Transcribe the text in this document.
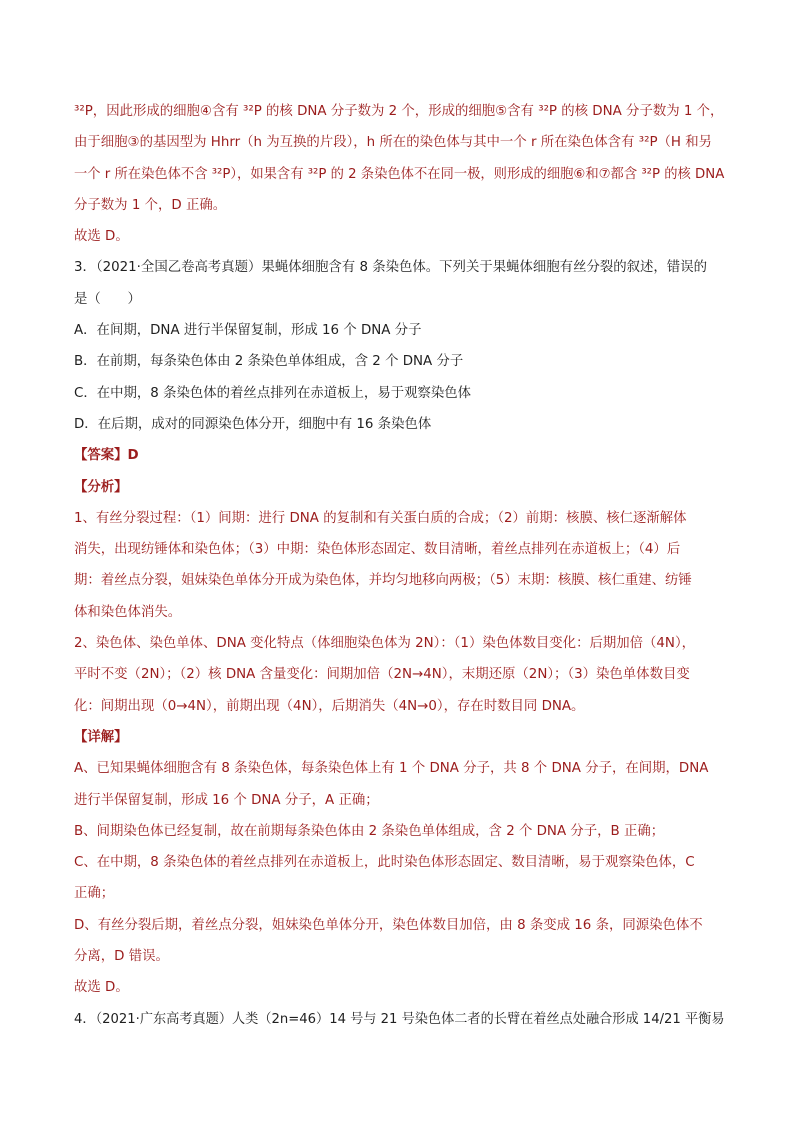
³²P，因此形成的细胞④含有 ³²P 的核 DNA 分子数为 2 个，形成的细胞⑤含有 ³²P 的核 DNA 分子数为 1 个，
由于细胞③的基因型为 Hhrr（h 为互换的片段），h 所在的染色体与其中一个 r 所在染色体含有 ³²P（H 和另
一个 r 所在染色体不含 ³²P），如果含有 ³²P 的 2 条染色体不在同一极，则形成的细胞⑥和⑦都含 ³²P 的核 DNA
分子数为 1 个，D 正确。
故选 D。
3．（2021·全国乙卷高考真题）果蝇体细胞含有 8 条染色体。下列关于果蝇体细胞有丝分裂的叙述，错误的
是（　　）
A．在间期，DNA 进行半保留复制，形成 16 个 DNA 分子
B．在前期，每条染色体由 2 条染色单体组成，含 2 个 DNA 分子
C．在中期，8 条染色体的着丝点排列在赤道板上，易于观察染色体
D．在后期，成对的同源染色体分开，细胞中有 16 条染色体
【答案】D
【分析】
1、有丝分裂过程：（1）间期：进行 DNA 的复制和有关蛋白质的合成；（2）前期：核膜、核仁逐渐解体
消失，出现纺锤体和染色体；（3）中期：染色体形态固定、数目清晰，着丝点排列在赤道板上；（4）后
期：着丝点分裂，姐妹染色单体分开成为染色体，并均匀地移向两极；（5）末期：核膜、核仁重建、纺锤
体和染色体消失。
2、染色体、染色单体、DNA 变化特点（体细胞染色体为 2N）：（1）染色体数目变化：后期加倍（4N），
平时不变（2N）；（2）核 DNA 含量变化：间期加倍（2N→4N），末期还原（2N）；（3）染色单体数目变
化：间期出现（0→4N），前期出现（4N），后期消失（4N→0），存在时数目同 DNA。
【详解】
A、已知果蝇体细胞含有 8 条染色体，每条染色体上有 1 个 DNA 分子，共 8 个 DNA 分子，在间期，DNA
进行半保留复制，形成 16 个 DNA 分子，A 正确；
B、间期染色体已经复制，故在前期每条染色体由 2 条染色单体组成，含 2 个 DNA 分子，B 正确；
C、在中期，8 条染色体的着丝点排列在赤道板上，此时染色体形态固定、数目清晰，易于观察染色体，C
正确；
D、有丝分裂后期，着丝点分裂，姐妹染色单体分开，染色体数目加倍，由 8 条变成 16 条，同源染色体不
分离，D 错误。
故选 D。
4．（2021·广东高考真题）人类（2n=46）14 号与 21 号染色体二者的长臂在着丝点处融合形成 14/21 平衡易
